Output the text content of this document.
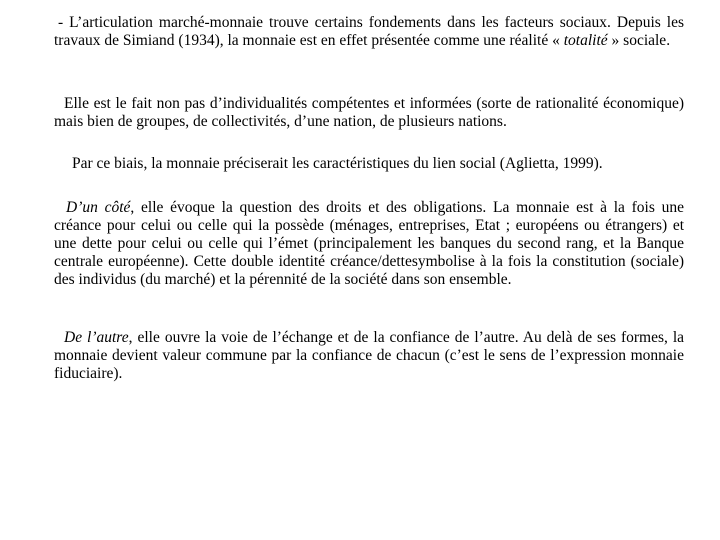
- L’articulation marché-monnaie trouve certains fondements dans les facteurs sociaux. Depuis les travaux de Simiand (1934), la monnaie est en effet présentée comme une réalité « totalité » sociale.

Elle est le fait non pas d’individualités compétentes et informées (sorte de rationalité économique) mais bien de groupes, de collectivités, d’une nation, de plusieurs nations.

Par ce biais, la monnaie préciserait les caractéristiques du lien social (Aglietta, 1999).

D’un côté, elle évoque la question des droits et des obligations. La monnaie est à la fois une créance pour celui ou celle qui la possède (ménages, entreprises, Etat ; européens ou étrangers) et une dette pour celui ou celle qui l’émet (principalement les banques du second rang, et la Banque centrale européenne). Cette double identité créance/dettesymbolise à la fois la constitution (sociale) des individus (du marché) et la pérennité de la société dans son ensemble.

De l’autre, elle ouvre la voie de l’échange et de la confiance de l’autre. Au delà de ses formes, la monnaie devient valeur commune par la confiance de chacun (c’est le sens de l’expression monnaie fiduciaire).
